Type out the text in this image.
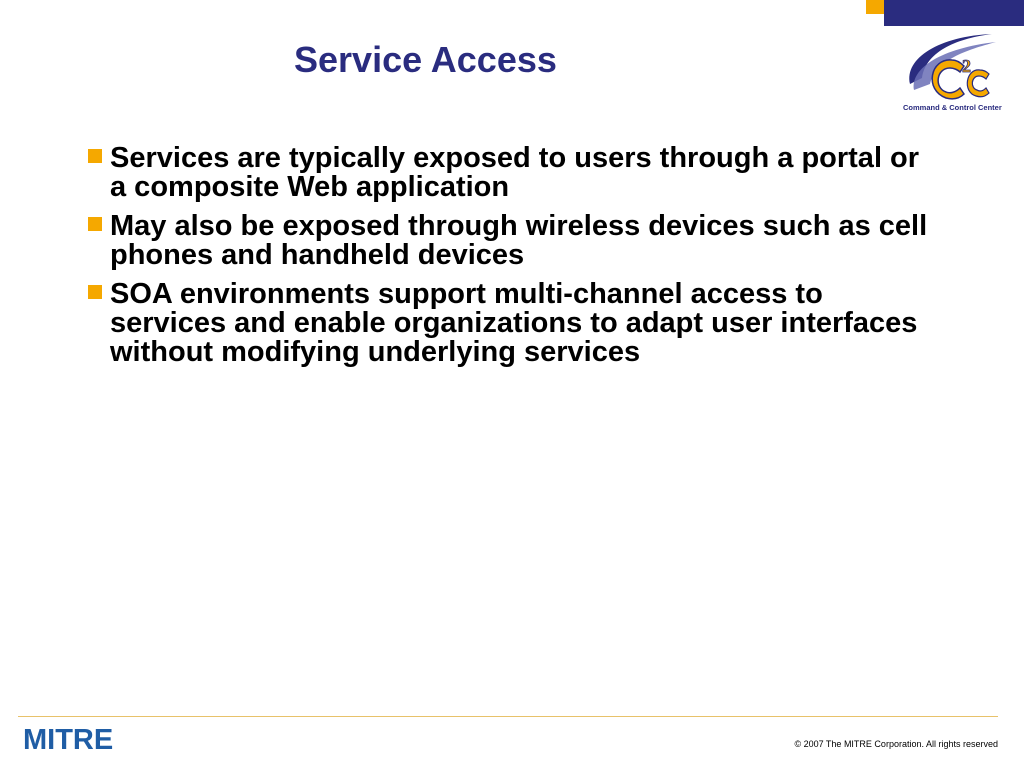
Service Access	2
Command & Control Center
Services are typically exposed to users through a portal or a composite Web application
May also be exposed through wireless devices such as cell phones and handheld devices
SOA environments support multi-channel access to services and enable organizations to adapt user interfaces without modifying underlying services
MITRE	© 2007 The MITRE Corporation. All rights reserved
